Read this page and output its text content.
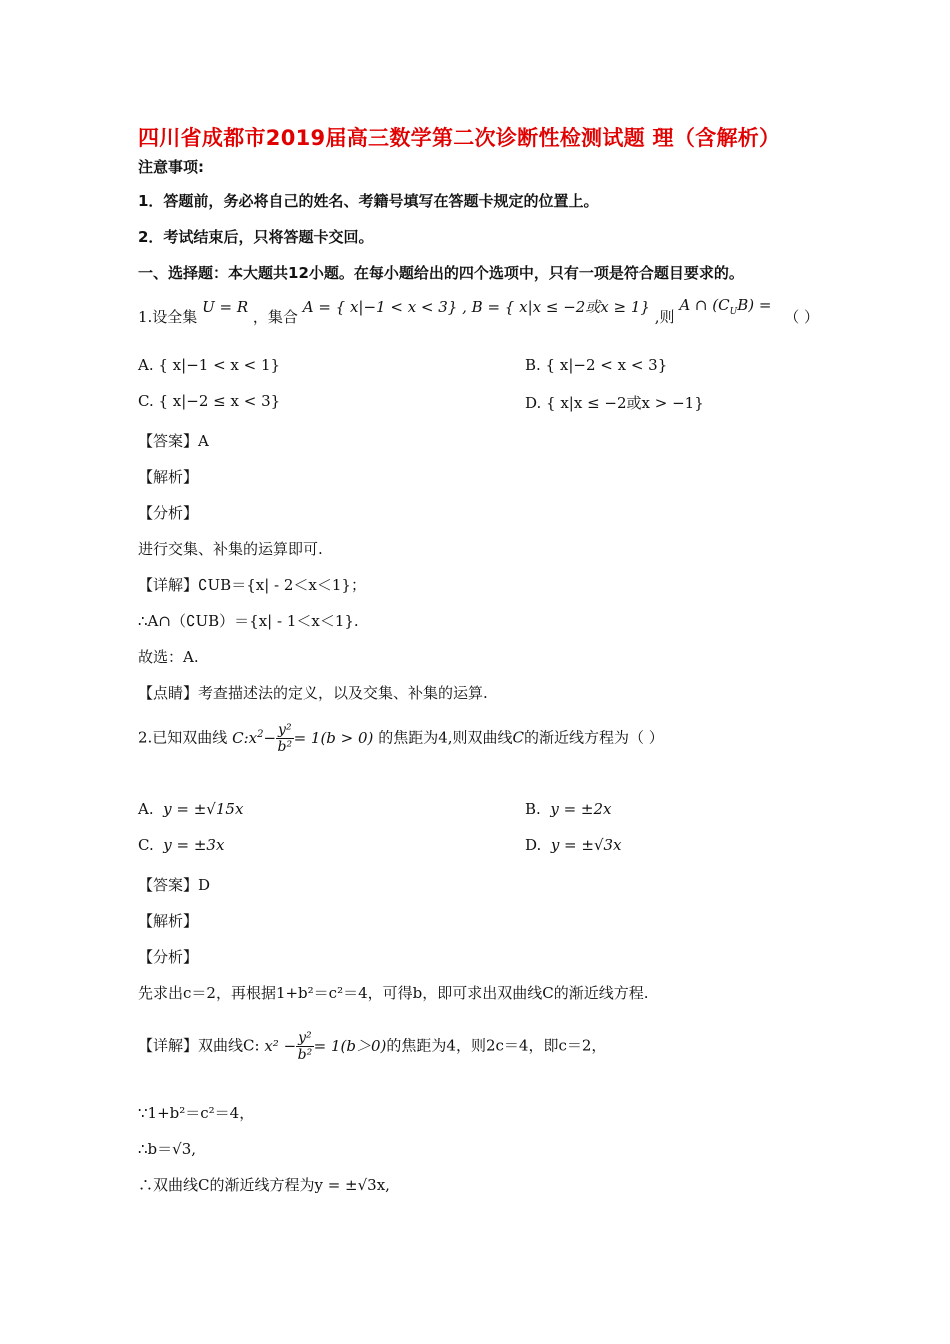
四川省成都市2019届高三数学第二次诊断性检测试题 理（含解析）
注意事项:
1．答题前，务必将自己的姓名、考籍号填写在答题卡规定的位置上。
2．考试结束后，只将答题卡交回。
一、选择题：本大题共12小题。在每小题给出的四个选项中，只有一项是符合题目要求的。
1.设全集 U = R ，集合 A = { x|−1 < x < 3} , B = { x|x ≤ −2或x ≥ 1} ,则 A ∩ $(C_UB)$ = （ ）
A. { x|−1 < x < 1}	B. { x|−2 < x < 3}
C. { x|−2 ≤ x < 3}	D. { x|x ≤ −2或x > −1}
【答案】A
【解析】
【分析】
进行交集、补集的运算即可.
【详解】∁UB＝{x| - 2＜x＜1}；
∴A∩（∁UB）＝{x| - 1＜x＜1}.
故选：A.
【点睛】考查描述法的定义，以及交集、补集的运算.
2.已知双曲线 $C:x^2- \frac{\text{y²}}{\text{b²}} = 1(b > 0)$ 的焦距为4,则双曲线C的渐近线方程为（ ）
A. y = ±√15x	B. y = ±2x
C. y = ±3x	D. y = ±√3x
【答案】D
【解析】
【分析】
先求出c＝2，再根据1+b²＝c²＝4，可得b，即可求出双曲线C的渐近线方程.
【详解】双曲线C: $x^2 - \frac{\text{y²}}{\text{b²}} = 1(b>0)$的焦距为4，则2c＝4，即c＝2，
∵1+b²＝c²＝4，
∴b＝√3,
∴双曲线C的渐近线方程为y = ±√3x,
